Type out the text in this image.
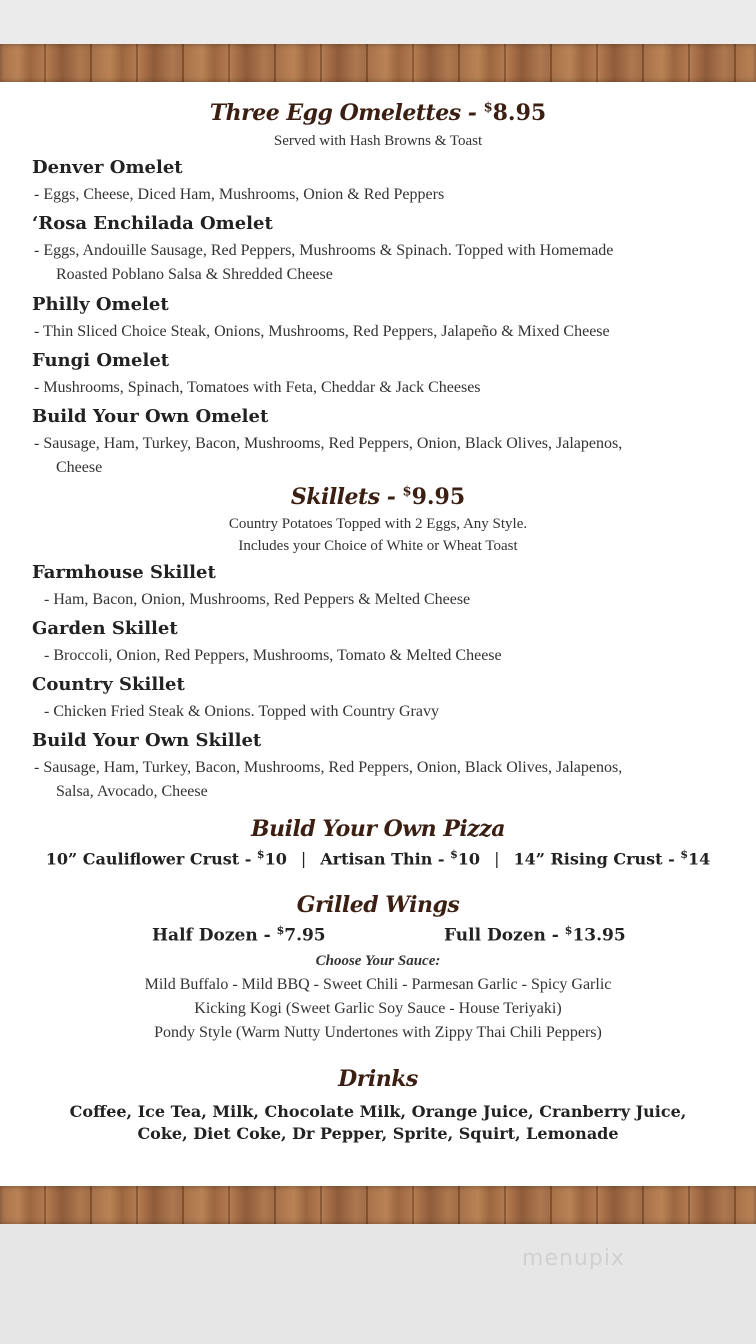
Three Egg Omelettes - $8.95
Served with Hash Browns & Toast
Denver Omelet
- Eggs, Cheese, Diced Ham, Mushrooms, Onion & Red Peppers
‘Rosa Enchilada Omelet
- Eggs, Andouille Sausage, Red Peppers, Mushrooms & Spinach. Topped with Homemade
Roasted Poblano Salsa & Shredded Cheese
Philly Omelet
- Thin Sliced Choice Steak, Onions, Mushrooms, Red Peppers, Jalapeño & Mixed Cheese
Fungi Omelet
- Mushrooms, Spinach, Tomatoes with Feta, Cheddar & Jack Cheeses
Build Your Own Omelet
- Sausage, Ham, Turkey, Bacon, Mushrooms, Red Peppers, Onion, Black Olives, Jalapenos,
Cheese
Skillets - $9.95
Country Potatoes Topped with 2 Eggs, Any Style.
Includes your Choice of White or Wheat Toast
Farmhouse Skillet
- Ham, Bacon, Onion, Mushrooms, Red Peppers & Melted Cheese
Garden Skillet
- Broccoli, Onion, Red Peppers, Mushrooms, Tomato & Melted Cheese
Country Skillet
- Chicken Fried Steak & Onions. Topped with Country Gravy
Build Your Own Skillet
- Sausage, Ham, Turkey, Bacon, Mushrooms, Red Peppers, Onion, Black Olives, Jalapenos,
Salsa, Avocado, Cheese
Build Your Own Pizza
10” Cauliflower Crust - $10 | Artisan Thin - $10 | 14” Rising Crust - $14
Grilled Wings
Half Dozen - $7.95	Full Dozen - $13.95
Choose Your Sauce:
Mild Buffalo - Mild BBQ - Sweet Chili - Parmesan Garlic - Spicy Garlic
Kicking Kogi (Sweet Garlic Soy Sauce - House Teriyaki)
Pondy Style (Warm Nutty Undertones with Zippy Thai Chili Peppers)
Drinks
Coffee, Ice Tea, Milk, Chocolate Milk, Orange Juice, Cranberry Juice,
Coke, Diet Coke, Dr Pepper, Sprite, Squirt, Lemonade
menupix
